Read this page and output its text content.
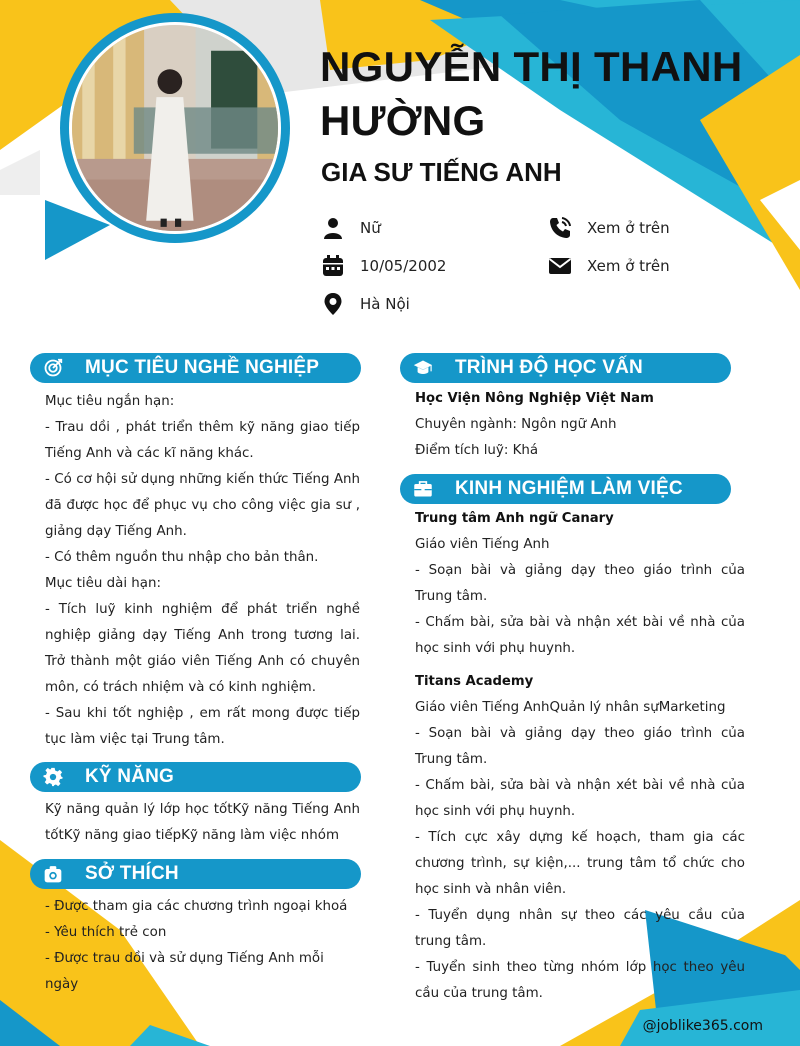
NGUYỄN THỊ THANH HƯỜNG
GIA SƯ TIẾNG ANH
Nữ
10/05/2002
Hà Nội
Xem ở trên
Xem ở trên
MỤC TIÊU NGHỀ NGHIỆP

Mục tiêu ngắn hạn:

- Trau dồi , phát triển thêm kỹ năng giao tiếp Tiếng Anh và các kĩ năng khác.

- Có cơ hội sử dụng những kiến thức Tiếng Anh đã được học để phục vụ cho công việc gia sư , giảng dạy Tiếng Anh.

- Có thêm nguồn thu nhập cho bản thân.

Mục tiêu dài hạn:

- Tích luỹ kinh nghiệm để phát triển nghề nghiệp giảng dạy Tiếng Anh trong tương lai. Trở thành một giáo viên Tiếng Anh có chuyên môn, có trách nhiệm và có kinh nghiệm.

- Sau khi tốt nghiệp , em rất mong được tiếp tục làm việc tại Trung tâm.

KỸ NĂNG

Kỹ năng quản lý lớp học tốtKỹ năng Tiếng Anh tốtKỹ năng giao tiếpKỹ năng làm việc nhóm

SỞ THÍCH

- Được tham gia các chương trình ngoại khoá

- Yêu thích trẻ con

- Được trau dồi và sử dụng Tiếng Anh mỗi ngày

TRÌNH ĐỘ HỌC VẤN

Học Viện Nông Nghiệp Việt Nam

Chuyên ngành: Ngôn ngữ Anh

Điểm tích luỹ: Khá

KINH NGHIỆM LÀM VIỆC

Trung tâm Anh ngữ Canary

Giáo viên Tiếng Anh

- Soạn bài và giảng dạy theo giáo trình của Trung tâm.

- Chấm bài, sửa bài và nhận xét bài về nhà của học sinh với phụ huynh.

Titans Academy

Giáo viên Tiếng AnhQuản lý nhân sựMarketing

- Soạn bài và giảng dạy theo giáo trình của Trung tâm.

- Chấm bài, sửa bài và nhận xét bài về nhà của học sinh với phụ huynh.

- Tích cực xây dựng kế hoạch, tham gia các chương trình, sự kiện,... trung tâm tổ chức cho học sinh và nhân viên.

- Tuyển dụng nhân sự theo các yêu cầu của trung tâm.

- Tuyển sinh theo từng nhóm lớp học theo yêu cầu của trung tâm.

@joblike365.com
